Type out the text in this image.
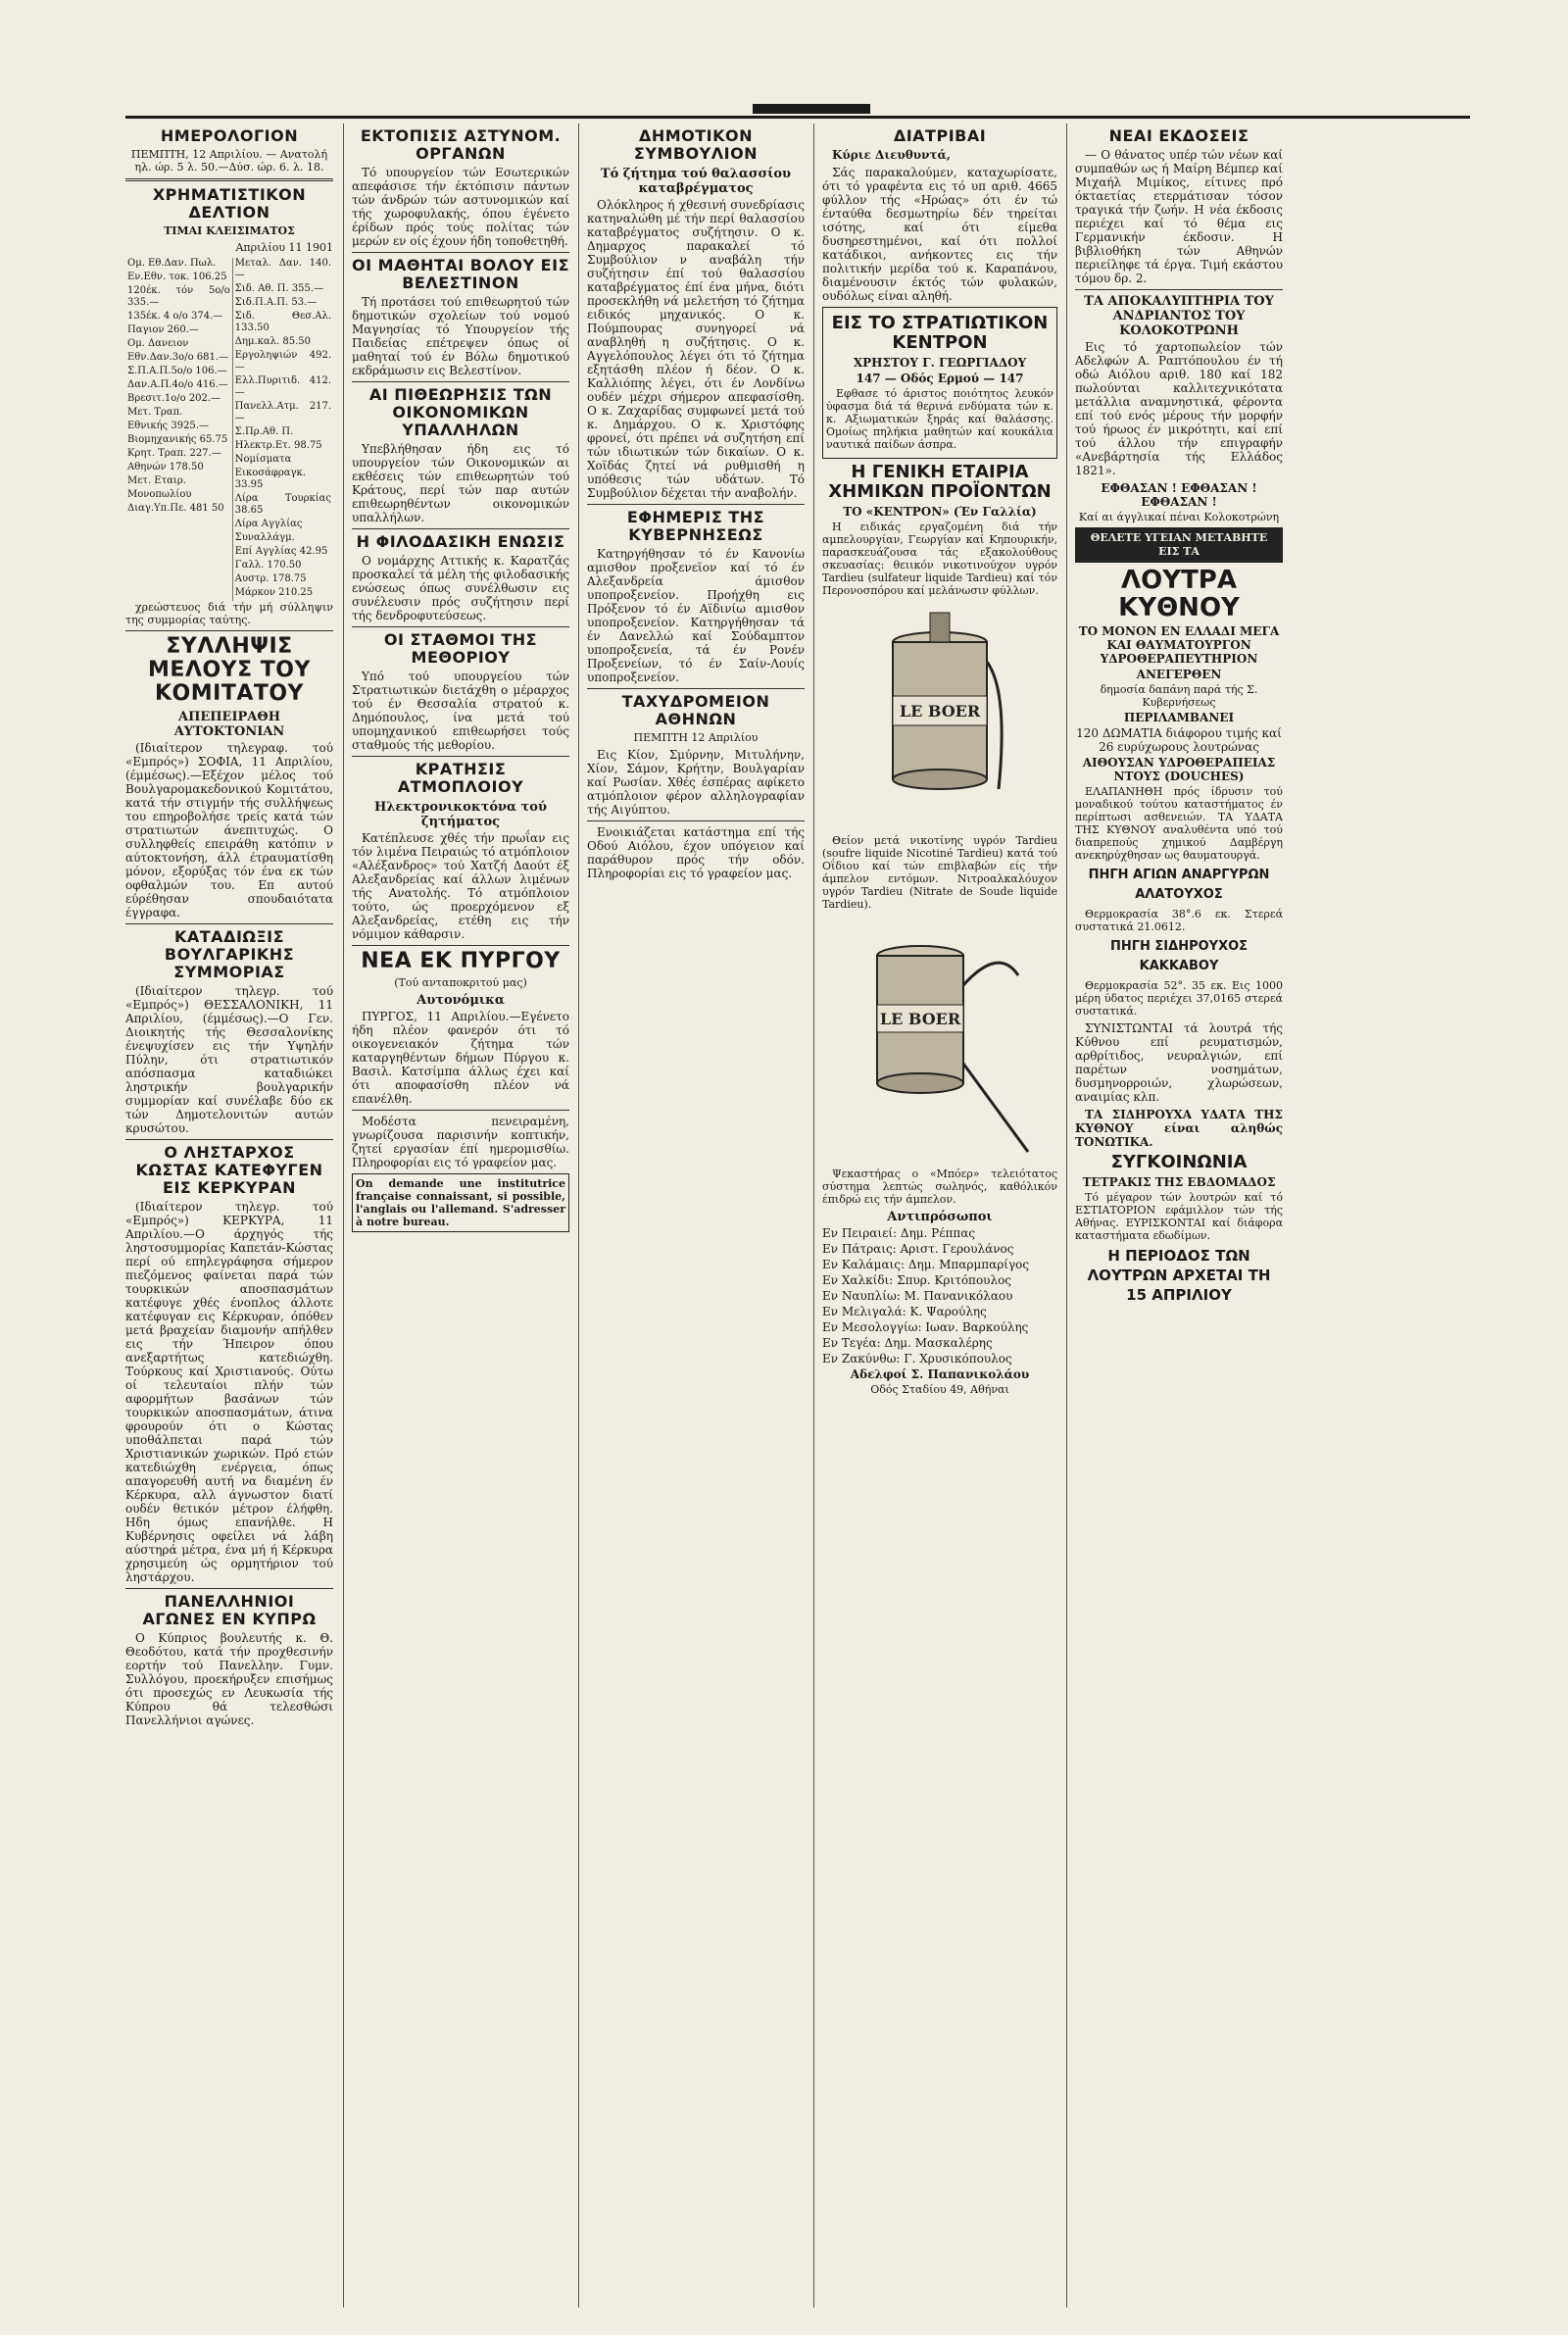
ΗΜΕΡΟΛΟΓΙΟΝ

ΠΕΜΠΤΗ, 12 Απριλίου. — Ανατολή ηλ. ώρ. 5 λ. 50.—Δύσ. ώρ. 6. λ. 18.

ΧΡΗΜΑΤΙΣΤΙΚΟΝ ΔΕΛΤΙΟΝ

ΤΙΜΑΙ ΚΛΕΙΣΙΜΑΤΟΣ

Απριλίου 11 1901

Ομ. Εθ.Δαν. Πωλ.
Εν.Εθν. τοκ. 106.25
120έκ. τόν 5ο/ο 335.—
135έκ. 4 ο/ο 374.—
Παγιον 260.—
Ομ. Δανειον
Εθν.Δαν.3ο/ο 681.—
Σ.Π.Α.Π.5ο/ο 106.—
Δαν.Α.Π.4ο/ο 416.—
Βρεσιτ.1ο/ο 202.—
Μετ. Τραπ.
Εθνικής 3925.—
Βιομηχανικής 65.75
Κρητ. Τραπ. 227.—
Αθηνών 178.50
Μετ. Εταιρ.
Μονοπωλίου
Διαγ.Υπ.Πε. 481 50

Μεταλ. Δαν. 140.—
Σιδ. Αθ. Π. 355.—
Σιδ.Π.Α.Π. 53.—
Σιδ. Θεσ.Αλ. 133.50
Δημ.καλ. 85.50
Εργοληψιών 492.—
Ελλ.Πυριτιδ. 412.—
Πανελλ.Ατμ. 217.—
Σ.Πρ.Αθ. Π.
Ηλεκτρ.Ετ. 98.75
Νομίσματα
Εικοσάφραγκ. 33.95
Λίρα Τουρκίας 38.65
Λίρα Αγγλίας
Συναλλάγμ.
Επί Αγγλίας 42.95
Γαλλ. 170.50
Αυστρ. 178.75
Μάρκον 210.25

χρεώστευος διά τήν μή σύλληψιν της συμμορίας ταύτης.

ΣΥΛΛΗΨΙΣ ΜΕΛΟΥΣ ΤΟΥ ΚΟΜΙΤΑΤΟΥ
ΑΠΕΠΕΙΡΑΘΗ ΑΥΤΟΚΤΟΝΙΑΝ

(Ιδιαίτερον τηλεγραφ. τού «Εμπρός») ΣΟΦΙΑ, 11 Απριλίου, (έμμέσως).—Εξέχον μέλος τού Βουλγαρομακεδονικού Κομιτάτου, κατά τήν στιγμήν τής συλλήψεως του επηροβολήσε τρείς κατά τών στρατιωτών άνεπιτυχώς. Ο συλληφθείς επειράθη κατόπιν ν αύτοκτονήση, άλλ έτραυματίσθη μόνον, εξορύξας τόν ένα εκ τών οφθαλμών του. Επ αυτού εύρέθησαν σπουδαιότατα έγγραφα.

ΚΑΤΑΔΙΩΞΙΣ ΒΟΥΛΓΑΡΙΚΗΣ ΣΥΜΜΟΡΙΑΣ

(Ιδιαίτερον τηλεγρ. τού «Εμπρός») ΘΕΣΣΑΛΟΝΙΚΗ, 11 Απριλίου, (έμμέσως).—Ο Γεν. Διοικητής τής Θεσσαλονίκης ένεψυχίσεν εις τήν Υψηλήν Πύλην, ότι στρατιωτικόν απόσπασμα καταδιώκει ληστρικήν βουλγαρικήν συμμορίαν καί συνέλαβε δύο εκ τών Δημοτελονιτών αυτών κρυσώτου.

Ο ΛΗΣΤΑΡΧΟΣ ΚΩΣΤΑΣ ΚΑΤΕΦΥΓΕΝ ΕΙΣ ΚΕΡΚΥΡΑΝ

(Ιδιαίτερον τηλεγρ. τού «Εμπρός») ΚΕΡΚΥΡΑ, 11 Απριλίου.—Ο άρχηγός τής ληστοσυμμορίας Καπετάν-Κώστας περί ού επηλεγράφησα σήμερον πιεζόμενος φαίνεται παρά τών τουρκικών αποσπασμάτων κατέφυγε χθές ένοπλος άλλοτε κατέφυγαν εις Κέρκυραν, όπόθεν μετά βραχείαν διαμονήν απήλθεν εις τήν Ήπειρον όπου ανεξαρτήτως κατεδιώχθη. Τούρκους καί Χριστιανούς. Ούτω οί τελευταίοι πλήν τών αφορμήτων βασάνων τών τουρκικών αποσπασμάτων, άτινα φρουρούν ότι ο Κώστας υποθάλπεται παρά τών Χριστιανικών χωρικών. Πρό ετών κατεδιώχθη ενέργεια, όπως απαγορευθή αυτή να διαμένη έν Κέρκυρα, αλλ άγνωστον διατί ουδέν θετικόν μέτρον έλήφθη. Ηδη όμως επανήλθε. Η Κυβέρνησις οφείλει νά λάβη αύστηρά μέτρα, ένα μή ή Κέρκυρα χρησιμεύη ώς ορμητήριον τού ληστάρχου.

ΠΑΝΕΛΛΗΝΙΟΙ ΑΓΩΝΕΣ ΕΝ ΚΥΠΡΩ

Ο Κύπριος βουλευτής κ. Θ. Θεοδότου, κατά τήν προχθεσινήν εορτήν τού Πανελλην. Γυμν. Συλλόγου, προεκήρυξεν επισήμως ότι προσεχώς εν Λευκωσία τής Κύπρου θά τελεσθώσι Πανελλήνιοι αγώνες.

ΕΚΤΟΠΙΣΙΣ ΑΣΤΥΝΟΜ. ΟΡΓΑΝΩΝ

Τό υπουργείον τών Εσωτερικών απεφάσισε τήν έκτόπισιν πάντων τών άνδρών τών αστυνομικών καί τής χωροφυλακής, όπου έγένετο έρίδων πρός τούς πολίτας τών μερών εν οίς έχουν ήδη τοποθετηθή.

ΟΙ ΜΑΘΗΤΑΙ ΒΟΛΟΥ ΕΙΣ ΒΕΛΕΣΤΙΝΟΝ

Τή προτάσει τού επιθεωρητού τών δημοτικών σχολείων τού νομού Μαγνησίας τό Υπουργείον τής Παιδείας επέτρεψεν όπως οί μαθηταί τού έν Βόλω δημοτικού εκδράμωσιν εις Βελεστίνον.

ΑΙ ΠΙΘΕΩΡΗΣΙΣ ΤΩΝ ΟΙΚΟΝΟΜΙΚΩΝ ΥΠΑΛΛΗΛΩΝ

Υπεβλήθησαν ήδη εις τό υπουργείον τών Οικονομικών αι εκθέσεις τών επιθεωρητών τού Κράτους, περί τών παρ αυτών επιθεωρηθέντων οικονομικών υπαλλήλων.

Η ΦΙΛΟΔΑΣΙΚΗ ΕΝΩΣΙΣ

Ο νομάρχης Αττικής κ. Καρατζάς προσκαλεί τά μέλη τής φιλοδασικής ενώσεως όπως συνέλθωσιν εις συνέλευσιν πρός συζήτησιν περί τής δενδροφυτεύσεως.

ΟΙ ΣΤΑΘΜΟΙ ΤΗΣ ΜΕΘΟΡΙΟΥ

Υπό τού υπουργείου τών Στρατιωτικών διετάχθη ο μέραρχος τού έν Θεσσαλία στρατού κ. Δημόπουλος, ίνα μετά τού υπομηχανικού επιθεωρήσει τούς σταθμούς τής μεθορίου.

ΚΡΑΤΗΣΙΣ ΑΤΜΟΠΛΟΙΟΥ
Ηλεκτρονικοκτόνα τού ζητήματος

Κατέπλευσε χθές τήν πρωΐαν εις τόν λιμένα Πειραιώς τό ατμόπλοιον «Αλέξανδρος» τού Χατζή Δαούτ έξ Αλεξανδρείας καί άλλων λιμένων τής Ανατολής. Τό ατμόπλοιον τούτο, ώς προερχόμενον εξ Αλεξανδρείας, ετέθη εις τήν νόμιμον κάθαρσιν.

ΝΕΑ ΕΚ ΠΥΡΓΟΥ

(Τού ανταποκριτού μας)

Αυτονόμικα

ΠΥΡΓΟΣ, 11 Απριλίου.—Εγένετο ήδη πλέον φανερόν ότι τό οικογενειακόν ζήτημα τών καταργηθέντων δήμων Πύργου κ. Βασιλ. Κατσίμπα άλλως έχει καί ότι αποφασίσθη πλέον νά επανέλθη.

Μοδέστα πενειραμένη, γνωρίζουσα παρισινήν κοπτικήν, ζητεί εργασίαν έπί ημερομισθίω. Πληροφορίαι εις τό γραφείον μας.

On demande une institutrice française connaissant, si possible, l'anglais ou l'allemand. S'adresser à notre bureau.
ΔΗΜΟΤΙΚΟΝ ΣΥΜΒΟΥΛΙΟΝ
Τό ζήτημα τού θαλασσίου καταβρέγματος

Ολόκληρος ή χθεσινή συνεδρίασις κατηναλώθη μέ τήν περί θαλασσίου καταβρέγματος συζήτησιν. Ο κ. Δημαρχος παρακαλεί τό Συμβούλιον ν αναβάλη τήν συζήτησιν έπί τού θαλασσίου καταβρέγματος έπί ένα μήνα, διότι προσεκλήθη νά μελετήση τό ζήτημα ειδικός μηχανικός. Ο κ. Πούμπουρας συνηγορεί νά αναβληθή η συζήτησις. Ο κ. Αγγελόπουλος λέγει ότι τό ζήτημα εξητάσθη πλέον ή δέον. Ο κ. Καλλιόπης λέγει, ότι έν Λονδίνω ουδέν μέχρι σήμερον απεφασίσθη. Ο κ. Ζαχαρίδας συμφωνεί μετά τού κ. Δημάρχου. Ο κ. Χριστόφης φρονεί, ότι πρέπει νά συζητήση επί τών ιδιωτικών τών δικαίων. Ο κ. Χοϊδάς ζητεί νά ρυθμισθή η υπόθεσις τών υδάτων. Τό Συμβούλιον δέχεται τήν αναβολήν.

ΕΦΗΜΕΡΙΣ ΤΗΣ ΚΥΒΕΡΝΗΣΕΩΣ

Κατηργήθησαν τό έν Κανονίω αμισθον προξενεϊον καί τό έν Αλεξανδρεία άμισθον υποπροξενείον. Προήχθη εις Πρόξενον τό έν Αϊδινίω αμισθον υποπροξενείον. Κατηργήθησαν τά έν Δανελλώ καί Σούδαμπτον υποπροξενεία, τά έν Ρονέν Προξενείων, τό έν Σαίν-Λουίς υποπροξενείον.

ΤΑΧΥΔΡΟΜΕΙΟΝ ΑΘΗΝΩΝ

ΠΕΜΠΤΗ 12 Απριλίου

Εις Κίον, Σμύρνην, Μιτυλήνην, Χίον, Σάμον, Κρήτην, Βουλγαρίαν καί Ρωσίαν. Χθές έσπέρας αφίκετο ατμόπλοιον φέρον αλληλογραφίαν τής Αιγύπτου.

Ενοικιάζεται κατάστημα επί τής Οδού Αιόλου, έχον υπόγειον καί παράθυρον πρός τήν οδόν. Πληροφορίαι εις τό γραφείον μας.

ΔΙΑΤΡΙΒΑΙ

Κύριε Διευθυντά,

Σάς παρακαλούμεν, καταχωρίσατε, ότι τό γραφέντα εις τό υπ αριθ. 4665 φύλλον τής «Ηρώας» ότι έν τώ ένταύθα δεσμωτηρίω δέν τηρείται ισότης, καί ότι είμεθα δυσηρεστημένοι, καί ότι πολλοί κατάδικοι, ανήκοντες εις τήν πολιτικήν μερίδα τού κ. Καραπάνου, διαμένουσιν έκτός τών φυλακών, ουδόλως είναι αληθή.

ΕΙΣ ΤΟ ΣΤΡΑΤΙΩΤΙΚΟΝ ΚΕΝΤΡΟΝ

ΧΡΗΣΤΟΥ Γ. ΓΕΩΡΓΙΑΔΟΥ

147 — Οδός Ερμού — 147

Εφθασε τό άριστος ποιότητος λευκόν ύφασμα διά τά θερινά ενδύματα τών κ. κ. Αξιωματικών ξηράς καί θαλάσσης. Ομοίως πηλήκια μαθητών καί κουκάλια ναυτικά παίδων άσπρα.

Η ΓΕΝΙΚΗ ΕΤΑΙΡΙΑ ΧΗΜΙΚΩΝ ΠΡΟΪΟΝΤΩΝ

ΤΟ «ΚΕΝΤΡΟΝ» (Έν Γαλλία)

Η ειδικάς εργαζομένη διά τήν αμπελουργίαν, Γεωργίαν καί Κηπουρικήν, παρασκευάζουσα τάς εξακολούθους σκευασίας: θειικόν νικοτινούχον υγρόν Tardieu (sulfateur liquide Tardieu) καί τόν Περονοσπόρου καί μελάνωσιν φύλλων.

LE BOER

Θείον μετά νικοτίνης υγρόν Tardieu (soufre liquide Nicotiné Tardieu) κατά τού Οΐδιου καί τών επιβλαβών είς τήν άμπελον εντόμων. Νιτροαλκαλόυχον υγρόν Tardieu (Nitrate de Soude liquide Tardieu).

LE BOER

Ψεκαστήρας ο «Μπόερ» τελειότατος σύστημα λεπτώς σωληνός, καθόλικόν έπιδρώ εις τήν άμπελον.

Αντιπρόσωποι
Εν Πειραιεί: Δημ. Ρέππας
Εν Πάτραις: Αριστ. Γερουλάνος
Εν Καλάμαις: Δημ. Μπαρμπαρίγος
Εν Χαλκίδι: Σπυρ. Κριτόπουλος
Εν Ναυπλίω: Μ. Πανανικόλαου
Εν Μελιγαλά: Κ. Ψαρούλης
Εν Μεσολογγίω: Ιωαν. Βαρκούλης
Εν Τεγέα: Δημ. Μασκαλέρης
Εν Ζακύνθω: Γ. Χρυσικόπουλος

Αδελφοί Σ. Παπανικολάου

Οδός Σταδίου 49, Αθήναι

ΝΕΑΙ ΕΚΔΟΣΕΙΣ

— Ο θάνατος υπέρ τών νέων καί συμπαθών ως ή Μαίρη Βέμπερ καί Μιχαήλ Μιμίκος, είτινες πρό όκταετίας ετερμάτισαν τόσον τραγικά τήν ζωήν. Η νέα έκδοσις περιέχει καί τό θέμα εις Γερμανικήν έκδοσιν. Η βιβλιοθήκη τών Αθηνών περιείληφε τά έργα. Τιμή εκάστου τόμου δρ. 2.

ΤΑ ΑΠΟΚΑΛΥΠΤΗΡΙΑ ΤΟΥ ΑΝΔΡΙΑΝΤΟΣ ΤΟΥ ΚΟΛΟΚΟΤΡΩΝΗ

Εις τό χαρτοπωλείον τών Αδελφών Α. Ραπτόπουλου έν τή οδώ Αιόλου αριθ. 180 καί 182 πωλούνται καλλιτεχνικότατα μετάλλια αναμνηστικά, φέροντα επί τού ενός μέρους τήν μορφήν τού ήρωος έν μικρότητι, καί επί τού άλλου τήν επιγραφήν «Ανεβάρτησία τής Ελλάδος 1821».

ΕΦΘΑΣΑΝ ! ΕΦΘΑΣΑΝ ! ΕΦΘΑΣΑΝ !

Καί αι άγγλικαί πέναι Κολοκοτρώνη

ΘΕΛΕΤΕ ΥΓΕΙΑΝ ΜΕΤΑΒΗΤΕ ΕΙΣ ΤΑ
ΛΟΥΤΡΑ ΚΥΘΝΟΥ

ΤΟ ΜΟΝΟΝ ΕΝ ΕΛΛΑΔΙ ΜΕΓΑ ΚΑΙ ΘΑΥΜΑΤΟΥΡΓΟΝ ΥΔΡΟΘΕΡΑΠΕΥΤΗΡΙΟΝ

ΑΝΕΓΕΡΘΕΝ

δημοσία δαπάνη παρά τής Σ. Κυβερνήσεως

ΠΕΡΙΛΑΜΒΑΝΕΙ

120 ΔΩΜΑΤΙΑ διάφορου τιμής καί 26 ευρύχωρους λουτρώνας

ΑΙΘΟΥΣΑΝ ΥΔΡΟΘΕΡΑΠΕΙΑΣ ΝΤΟΥΣ (DOUCHES)

ΕΛΑΠΑΝΗΘΗ πρός ίδρυσιν τού μοναδικού τούτου καταστήματος έν περίπτωσι ασθενειών. ΤΑ ΥΔΑΤΑ ΤΗΣ ΚΥΘΝΟΥ αναλυθέντα υπό τού διαπρεπούς χημικού Δαμβέργη ανεκηρύχθησαν ως θαυματουργά.

ΠΗΓΗ ΑΓΙΩΝ ΑΝΑΡΓΥΡΩΝ ΑΛΑΤΟΥΧΟΣ

Θερμοκρασία 38°.6 εκ. Στερεά συστατικά 21.0612.

ΠΗΓΗ ΣΙΔΗΡΟΥΧΟΣ ΚΑΚΚΑΒΟΥ

Θερμοκρασία 52°. 35 εκ. Εις 1000 μέρη ύδατος περιέχει 37,0165 στερεά συστατικά.

ΣΥΝΙΣΤΩΝΤΑΙ τά λουτρά τής Κύθνου επί ρευματισμών, αρθρίτιδος, νευραλγιών, επί παρέτων νοσημάτων, δυσμηνορροιών, χλωρώσεων, αναιμίας κλπ.

ΤΑ ΣΙΔΗΡΟΥΧΑ ΥΔΑΤΑ ΤΗΣ ΚΥΘΝΟΥ είναι αληθώς ΤΟΝΩΤΙΚΑ.

ΣΥΓΚΟΙΝΩΝΙΑ

ΤΕΤΡΑΚΙΣ ΤΗΣ ΕΒΔΟΜΑΔΟΣ

Τό μέγαρον τών λουτρών καί τό ΕΣΤΙΑΤΟΡΙΟΝ εφάμιλλον τών τής Αθήνας. ΕΥΡΙΣΚΟΝΤΑΙ καί διάφορα καταστήματα εδωδίμων.

Η ΠΕΡΙΟΔΟΣ ΤΩΝ ΛΟΥΤΡΩΝ ΑΡΧΕΤΑΙ ΤΗ 15 ΑΠΡΙΛΙΟΥ
